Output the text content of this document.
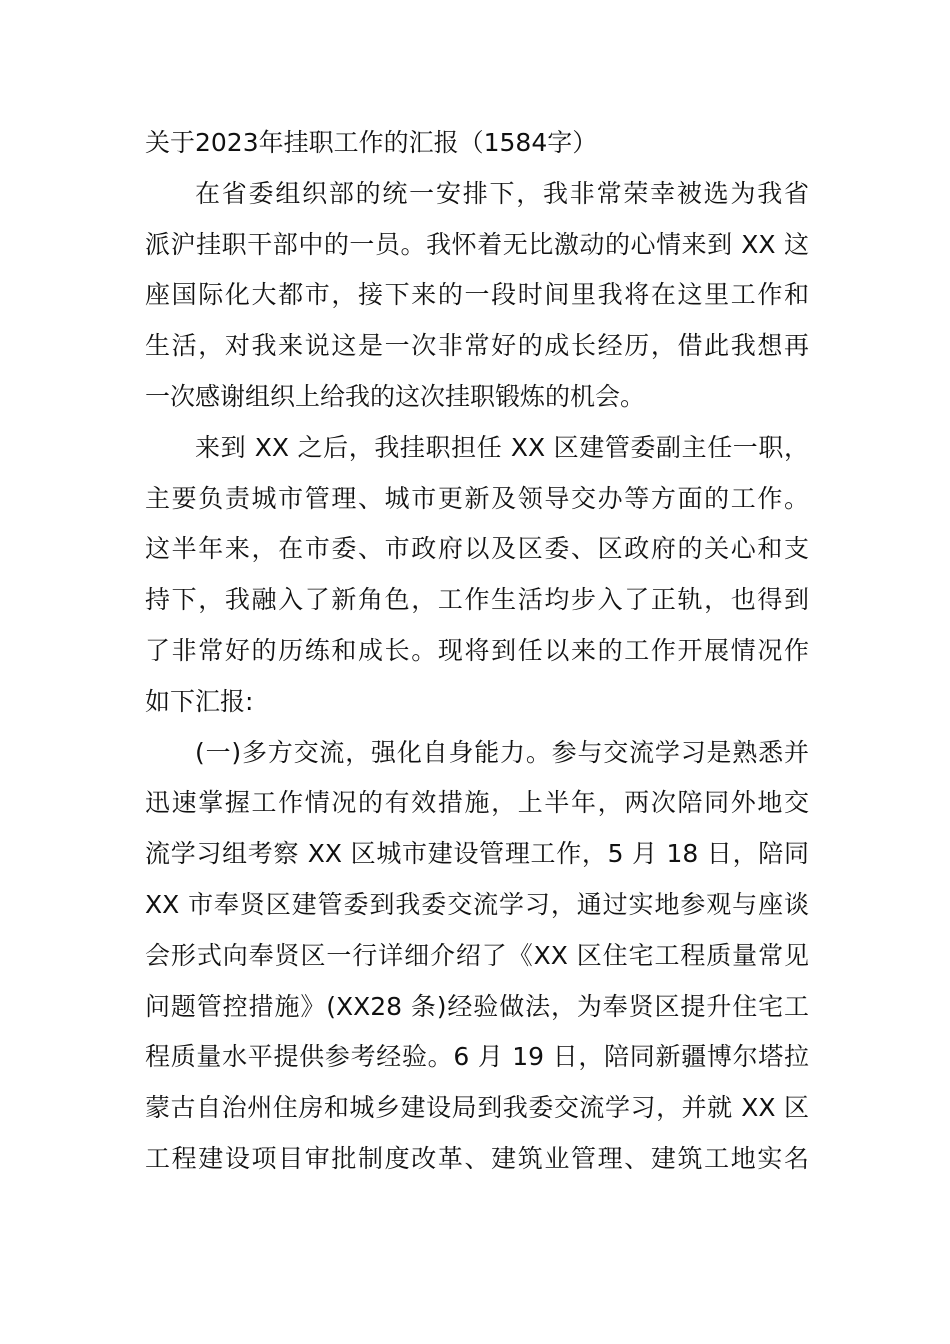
关于2023年挂职工作的汇报（1584字）
在省委组织部的统一安排下，我非常荣幸被选为我省
派沪挂职干部中的一员。我怀着无比激动的心情来到 XX 这
座国际化大都市，接下来的一段时间里我将在这里工作和
生活，对我来说这是一次非常好的成长经历，借此我想再
一次感谢组织上给我的这次挂职锻炼的机会。
来到 XX 之后，我挂职担任 XX 区建管委副主任一职，
主要负责城市管理、城市更新及领导交办等方面的工作。
这半年来，在市委、市政府以及区委、区政府的关心和支
持下，我融入了新角色，工作生活均步入了正轨，也得到
了非常好的历练和成长。现将到任以来的工作开展情况作
如下汇报:
(一)多方交流，强化自身能力。参与交流学习是熟悉并
迅速掌握工作情况的有效措施，上半年，两次陪同外地交
流学习组考察 XX 区城市建设管理工作，5 月 18 日，陪同
XX 市奉贤区建管委到我委交流学习，通过实地参观与座谈
会形式向奉贤区一行详细介绍了《XX 区住宅工程质量常见
问题管控措施》(XX28 条)经验做法，为奉贤区提升住宅工
程质量水平提供参考经验。6 月 19 日，陪同新疆博尔塔拉
蒙古自治州住房和城乡建设局到我委交流学习，并就 XX 区
工程建设项目审批制度改革、建筑业管理、建筑工地实名
